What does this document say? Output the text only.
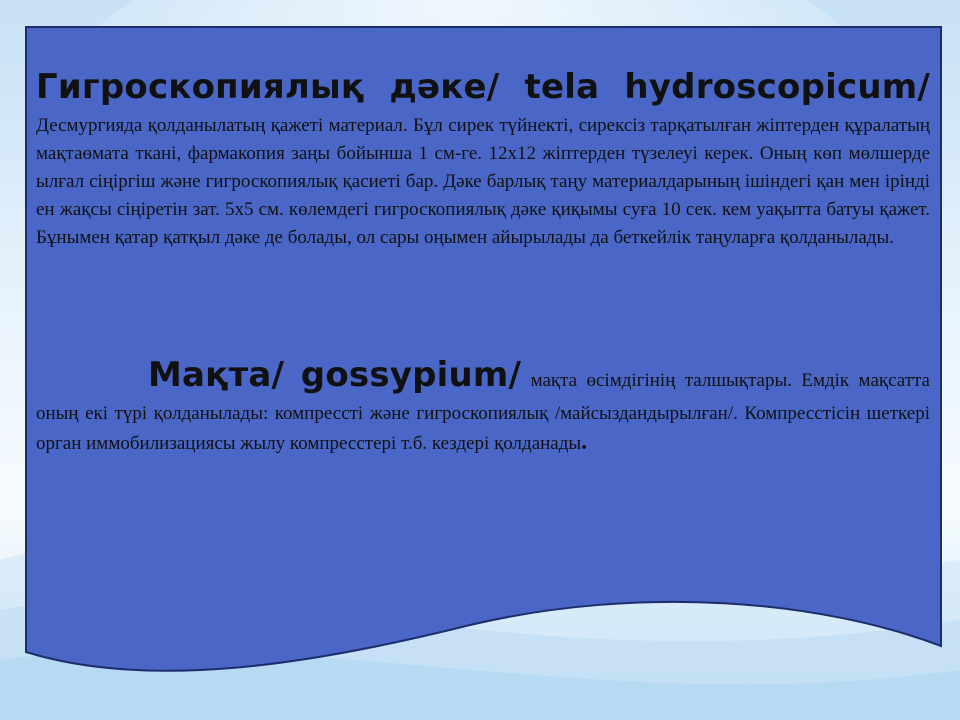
Гигроскопиялық дәке/ tela hydroscopicum/
Десмургияда қолданылатың қажеті материал. Бұл сирек түйнекті, сирексіз тарқатылған жіптерден құралатың мақтаөмата ткані, фармакопия заңы бойынша 1 см-ге. 12х12 жіптерден түзелеуі керек. Оның көп мөлшерде ылғал сіңіргіш және гигроскопиялық қасиеті бар. Дәке барлық таңу материалдарының ішіндегі қан мен ірінді ен жақсы сіңіретін зат. 5х5 см. көлемдегі гигроскопиялық дәке қиқымы суға 10 сек. кем уақытта батуы қажет. Бұнымен қатар қатқыл дәке де болады, ол сары оңымен айырылады да беткейлік таңуларға қолданылады.

Мақта/ gossypium/ мақта өсімдігінің талшықтары. Емдік мақсатта оның екі түрі қолданылады: компрессті және гигроскопиялық /майсыздандырылған/. Компресстісін шеткері орган иммобилизациясы жылу компресстері т.б. кездері қолданады.
